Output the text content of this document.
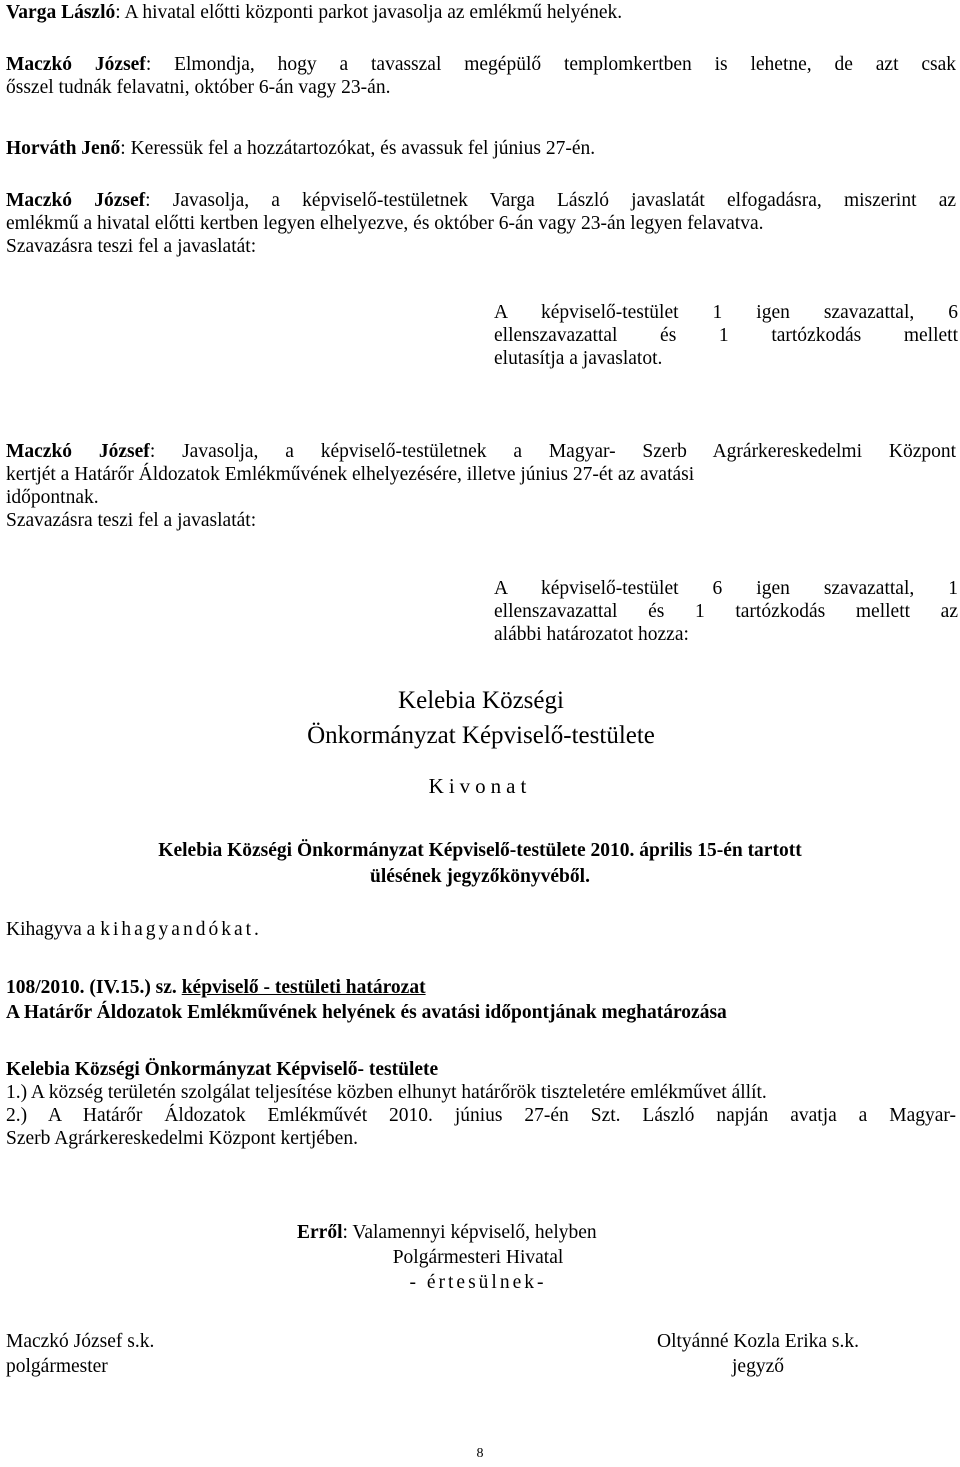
Varga László: A hivatal előtti központi parkot javasolja az emlékmű helyének.
Maczkó József: Elmondja, hogy a tavasszal megépülő templomkertben is lehetne, de azt csak
ősszel tudnák felavatni, október 6-án vagy 23-án.
Horváth Jenő: Keressük fel a hozzátartozókat, és avassuk fel június 27-én.
Maczkó József: Javasolja, a képviselő-testületnek Varga László javaslatát elfogadásra, miszerint az
emlékmű a hivatal előtti kertben legyen elhelyezve, és október 6-án vagy 23-án legyen felavatva.
Szavazásra teszi fel a javaslatát:
A képviselő-testület 1 igen szavazattal, 6
ellenszavazattal és 1 tartózkodás mellett
elutasítja a javaslatot.
Maczkó József: Javasolja, a képviselő-testületnek a Magyar- Szerb Agrárkereskedelmi Központ
kertjét a Határőr Áldozatok Emlékművének elhelyezésére, illetve június 27-ét az avatási
időpontnak.
Szavazásra teszi fel a javaslatát:
A képviselő-testület 6 igen szavazattal, 1
ellenszavazattal és 1 tartózkodás mellett az
alábbi határozatot hozza:
Kelebia Községi
Önkormányzat Képviselő-testülete
Kivonat
Kelebia Községi Önkormányzat Képviselő-testülete 2010. április 15-én tartott
ülésének jegyzőkönyvéből.
Kihagyva a kihagyandókat.
108/2010. (IV.15.) sz. képviselő - testületi határozat
A Határőr Áldozatok Emlékművének helyének és avatási időpontjának meghatározása
Kelebia Községi Önkormányzat Képviselő- testülete
1.) A község területén szolgálat teljesítése közben elhunyt határőrök tiszteletére emlékművet állít.
2.) A Határőr Áldozatok Emlékművét 2010. június 27-én Szt. László napján avatja a Magyar-
Szerb Agrárkereskedelmi Központ kertjében.
Erről: Valamennyi képviselő, helyben
Polgármesteri Hivatal
- értesülnek-
Maczkó József s.k.
polgármester
Oltyánné Kozla Erika s.k.
jegyző
8
